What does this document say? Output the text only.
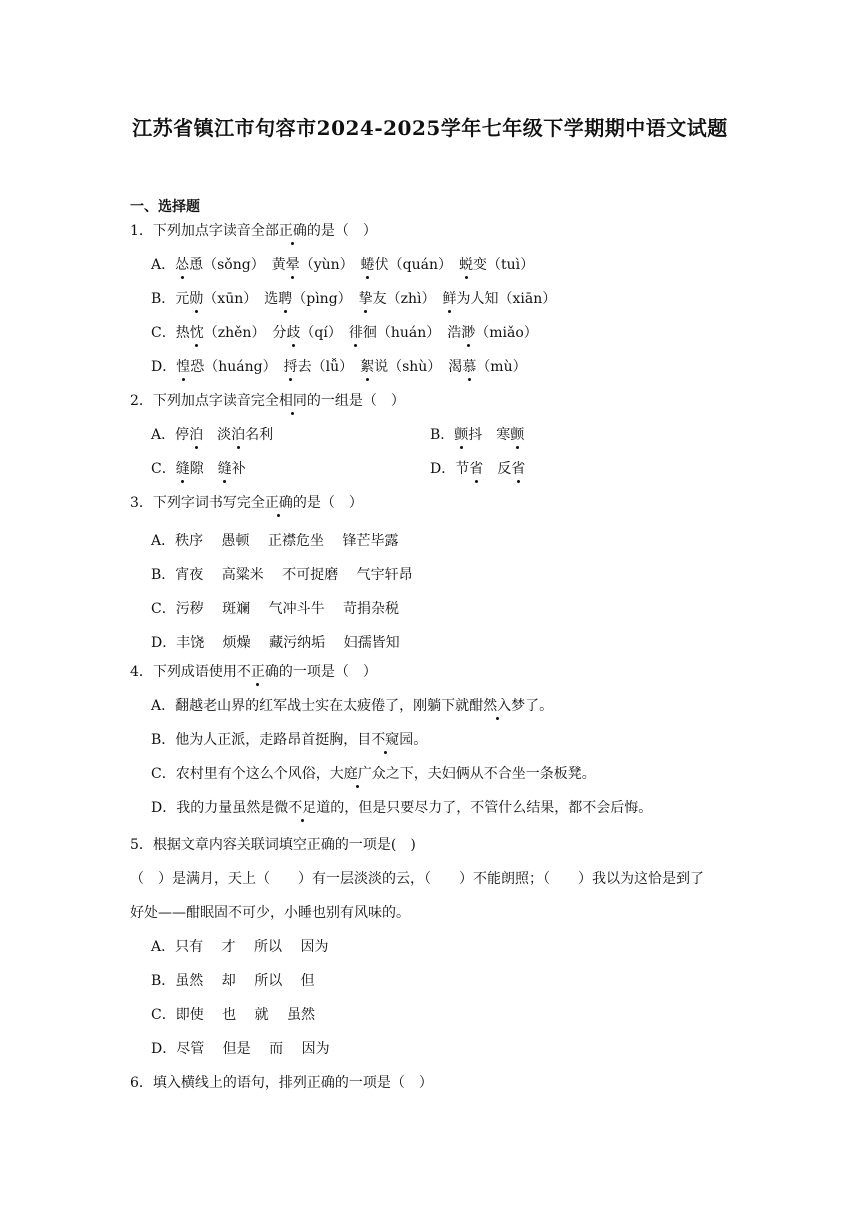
江苏省镇江市句容市2024-2025学年七年级下学期期中语文试题
一、选择题
1．下列加点字读音全部正确的是（　）
A．怂恿（sǒng）　黄晕（yùn）　蜷伏（quán）　蜕变（tuì）
B．元勋（xūn）　选聘（pìng）　挚友（zhì）　鲜为人知（xiān）
C．热忱（zhěn）　分歧（qí）　徘徊（huán）　浩渺（miǎo）
D．惶恐（huáng）　捋去（lǚ）　絮说（shù）　渴慕（mù）
2．下列加点字读音完全相同的一组是（　）
A．停泊　淡泊名利	B．颤抖　寒颤
C．缝隙　缝补	D．节省　反省
3．下列字词书写完全正确的是（　）
A．秩序　 愚顿　 正襟危坐　 锋芒毕露
B．宵夜　 高粱米　 不可捉磨　 气宇轩昂
C．污秽　 斑斓　 气冲斗牛　 苛捐杂税
D．丰饶　 烦燥　 藏污纳垢　 妇孺皆知
4．下列成语使用不正确的一项是（　）
A．翻越老山界的红军战士实在太疲倦了，刚躺下就酣然入梦了。
B．他为人正派，走路昂首挺胸，目不窥园。
C．农村里有个这么个风俗，大庭广众之下，夫妇俩从不合坐一条板凳。
D．我的力量虽然是微不足道的，但是只要尽力了，不管什么结果，都不会后悔。
5．根据文章内容关联词填空正确的一项是(　)
（　）是满月，天上（　　）有一层淡淡的云，（　　）不能朗照；（　　）我以为这恰是到了
好处——酣眠固不可少，小睡也别有风味的。
A．只有　 才　 所以　 因为
B．虽然　 却　 所以　 但
C．即使　 也　 就　 虽然
D．尽管　 但是　 而　 因为
6．填入横线上的语句，排列正确的一项是（　）
